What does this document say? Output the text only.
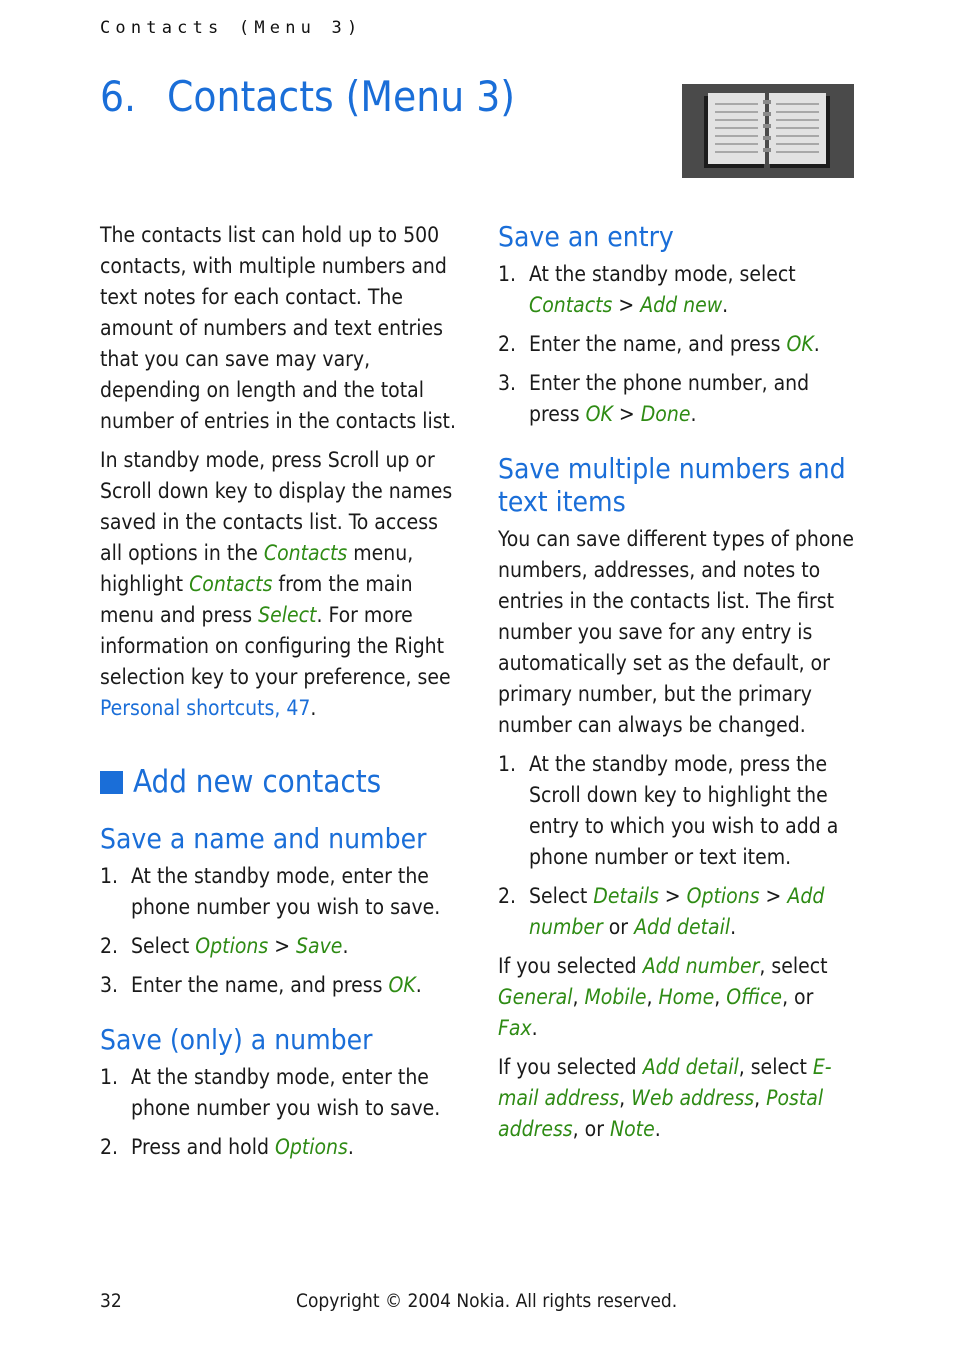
Contacts (Menu 3)
6. Contacts (Menu 3)

The contacts list can hold up to 500 contacts, with multiple numbers and text notes for each contact. The amount of numbers and text entries that you can save may vary, depending on length and the total number of entries in the contacts list.

In standby mode, press Scroll up or Scroll down key to display the names saved in the contacts list. To access all options in the Contacts menu, highlight Contacts from the main menu and press Select. For more information on configuring the Right selection key to your preference, see Personal shortcuts, 47.

Add new contacts
Save a name and number
1. At the standby mode, enter the phone number you wish to save.
2. Select Options > Save.
3. Enter the name, and press OK.
Save (only) a number
1. At the standby mode, enter the phone number you wish to save.
2. Press and hold Options.
Save an entry
1. At the standby mode, select Contacts > Add new.
2. Enter the name, and press OK.
3. Enter the phone number, and press OK > Done.
Save multiple numbers and text items

You can save different types of phone numbers, addresses, and notes to entries in the contacts list. The first number you save for any entry is automatically set as the default, or primary number, but the primary number can always be changed.

1. At the standby mode, press the Scroll down key to highlight the entry to which you wish to add a phone number or text item.
2. Select Details > Options > Add number or Add detail.

If you selected Add number, select General, Mobile, Home, Office, or Fax.

If you selected Add detail, select E-mail address, Web address, Postal address, or Note.

32	Copyright © 2004 Nokia. All rights reserved.
